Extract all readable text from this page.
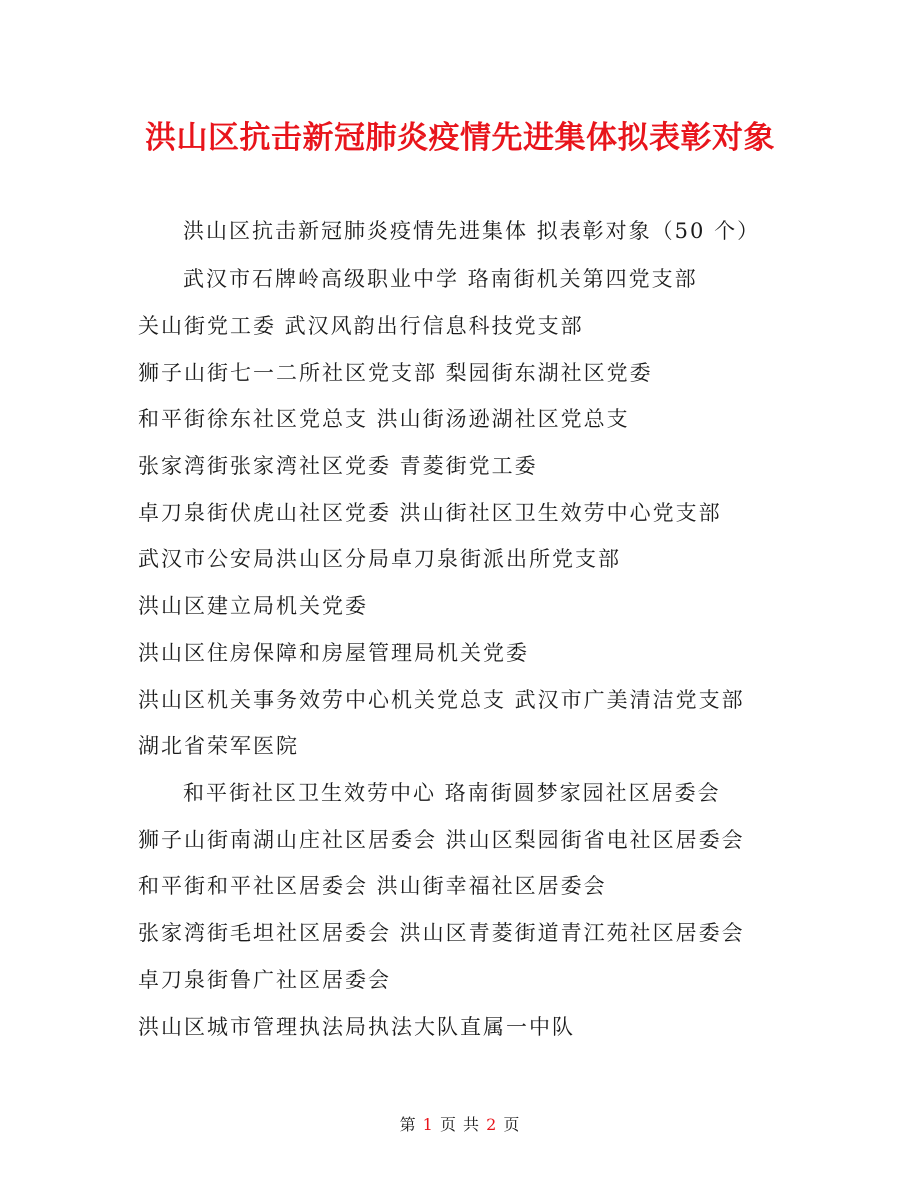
洪山区抗击新冠肺炎疫情先进集体拟表彰对象

洪山区抗击新冠肺炎疫情先进集体 拟表彰对象（50 个）

武汉市石牌岭高级职业中学 珞南街机关第四党支部

关山街党工委 武汉风韵出行信息科技党支部

狮子山街七一二所社区党支部 梨园街东湖社区党委

和平街徐东社区党总支 洪山街汤逊湖社区党总支

张家湾街张家湾社区党委 青菱街党工委

卓刀泉街伏虎山社区党委 洪山街社区卫生效劳中心党支部

武汉市公安局洪山区分局卓刀泉街派出所党支部

洪山区建立局机关党委

洪山区住房保障和房屋管理局机关党委

洪山区机关事务效劳中心机关党总支 武汉市广美清洁党支部

湖北省荣军医院

和平街社区卫生效劳中心 珞南街圆梦家园社区居委会

狮子山街南湖山庄社区居委会 洪山区梨园街省电社区居委会

和平街和平社区居委会 洪山街幸福社区居委会

张家湾街毛坦社区居委会 洪山区青菱街道青江苑社区居委会

卓刀泉街鲁广社区居委会

洪山区城市管理执法局执法大队直属一中队

第 1 页 共 2 页
